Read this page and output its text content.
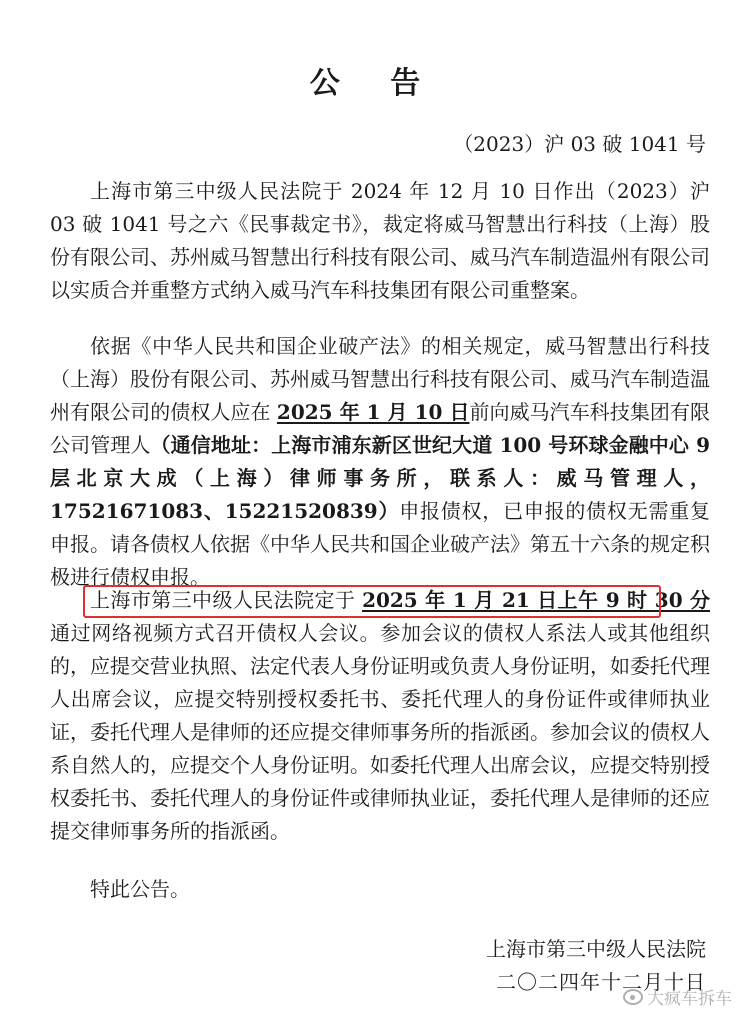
公 告
（2023）沪 03 破 1041 号
上海市第三中级人民法院于 2024 年 12 月 10 日作出（2023）沪 03 破 1041 号之六《民事裁定书》，裁定将威马智慧出行科技（上海）股份有限公司、苏州威马智慧出行科技有限公司、威马汽车制造温州有限公司以实质合并重整方式纳入威马汽车科技集团有限公司重整案。
依据《中华人民共和国企业破产法》的相关规定，威马智慧出行科技（上海）股份有限公司、苏州威马智慧出行科技有限公司、威马汽车制造温州有限公司的债权人应在 2025 年 1 月 10 日前向威马汽车科技集团有限公司管理人（通信地址：上海市浦东新区世纪大道 100 号环球金融中心 9 层北京大成（上海）律师事务所，联系人：威马管理人，17521671083、15221520839）申报债权，已申报的债权无需重复申报。请各债权人依据《中华人民共和国企业破产法》第五十六条的规定积极进行债权申报。
上海市第三中级人民法院定于 2025 年 1 月 21 日上午 9 时 30 分通过网络视频方式召开债权人会议。参加会议的债权人系法人或其他组织的，应提交营业执照、法定代表人身份证明或负责人身份证明，如委托代理人出席会议，应提交特别授权委托书、委托代理人的身份证件或律师执业证，委托代理人是律师的还应提交律师事务所的指派函。参加会议的债权人系自然人的，应提交个人身份证明。如委托代理人出席会议，应提交特别授权委托书、委托代理人的身份证件或律师执业证，委托代理人是律师的还应提交律师事务所的指派函。
特此公告。
上海市第三中级人民法院
二〇二四年十二月十日
大疯车拆车
